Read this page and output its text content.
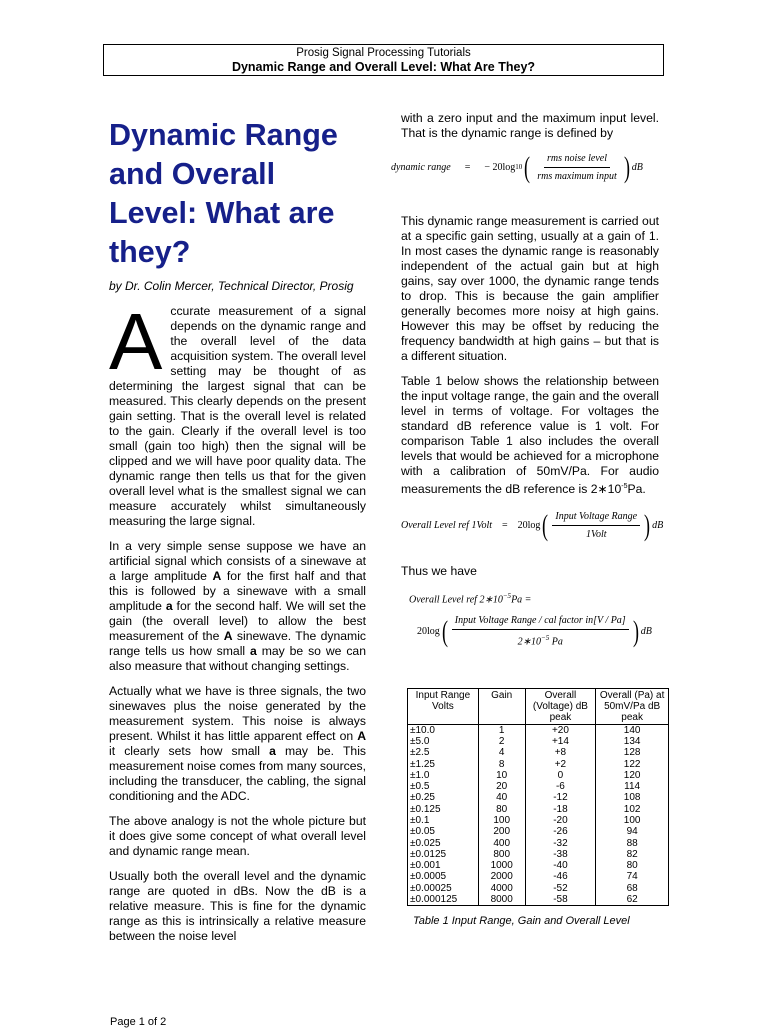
Prosig Signal Processing Tutorials
Dynamic Range and Overall Level: What Are They?
Dynamic Range
and Overall
Level: What are
they?

by Dr. Colin Mercer, Technical Director, Prosig

Accurate measurement of a signal depends on the dynamic range and the overall level of the data acquisition system. The overall level setting may be thought of as determining the largest signal that can be measured. This clearly depends on the present gain setting. That is the overall level is related to the gain. Clearly if the overall level is too small (gain too high) then the signal will be clipped and we will have poor quality data. The dynamic range then tells us that for the given overall level what is the smallest signal we can measure accurately whilst simultaneously measuring the large signal.

In a very simple sense suppose we have an artificial signal which consists of a sinewave at a large amplitude A for the first half and that this is followed by a sinewave with a small amplitude a for the second half. We will set the gain (the overall level) to allow the best measurement of the A sinewave. The dynamic range tells us how small a may be so we can also measure that without changing settings.

Actually what we have is three signals, the two sinewaves plus the noise generated by the measurement system. This noise is always present. Whilst it has little apparent effect on A it clearly sets how small a may be. This measurement noise comes from many sources, including the transducer, the cabling, the signal conditioning and the ADC.

The above analogy is not the whole picture but it does give some concept of what overall level and dynamic range mean.

Usually both the overall level and the dynamic range are quoted in dBs. Now the dB is a relative measure. This is fine for the dynamic range as this is intrinsically a relative measure between the noise level

with a zero input and the maximum input level. That is the dynamic range is defined by

dynamic range = − 20log 10 ( $\frac{\text{rms noise level}}{\text{rms maximum input}}$ ) dB

This dynamic range measurement is carried out at a specific gain setting, usually at a gain of 1. In most cases the dynamic range is reasonably independent of the actual gain but at high gains, say over 1000, the dynamic range tends to drop. This is because the gain amplifier generally becomes more noisy at high gains. However this may be offset by reducing the frequency bandwidth at high gains – but that is a different situation.

Table 1 below shows the relationship between the input voltage range, the gain and the overall level in terms of voltage. For voltages the standard dB reference value is 1 volt. For comparison Table 1 also includes the overall levels that would be achieved for a microphone with a calibration of 50mV/Pa. For audio measurements the dB reference is $2∗10^{-5}Pa$.

Overall Level ref 1Volt = 20log ( $\frac{\text{Input Voltage Range}}{\text{1Volt}}$ ) dB

Thus we have

Overall Level ref $2∗10^{-5}Pa$ =
20log ( $\frac{\text{Input Voltage Range / cal factor in[V / Pa]}}{2∗10^{-5} Pa}$ ) dB
Input Range Volts	Gain	Overall (Voltage) dB peak	Overall (Pa) at 50mV/Pa dB peak
±10.0	1	+20	140
±5.0	2	+14	134
±2.5	4	+8	128
±1.25	8	+2	122
±1.0	10	0	120
±0.5	20	-6	114
±0.25	40	-12	108
±0.125	80	-18	102
±0.1	100	-20	100
±0.05	200	-26	94
±0.025	400	-32	88
±0.0125	800	-38	82
±0.001	1000	-40	80
±0.0005	2000	-46	74
±0.00025	4000	-52	68
±0.000125	8000	-58	62
Table 1 Input Range, Gain and Overall Level
Page 1 of 2
